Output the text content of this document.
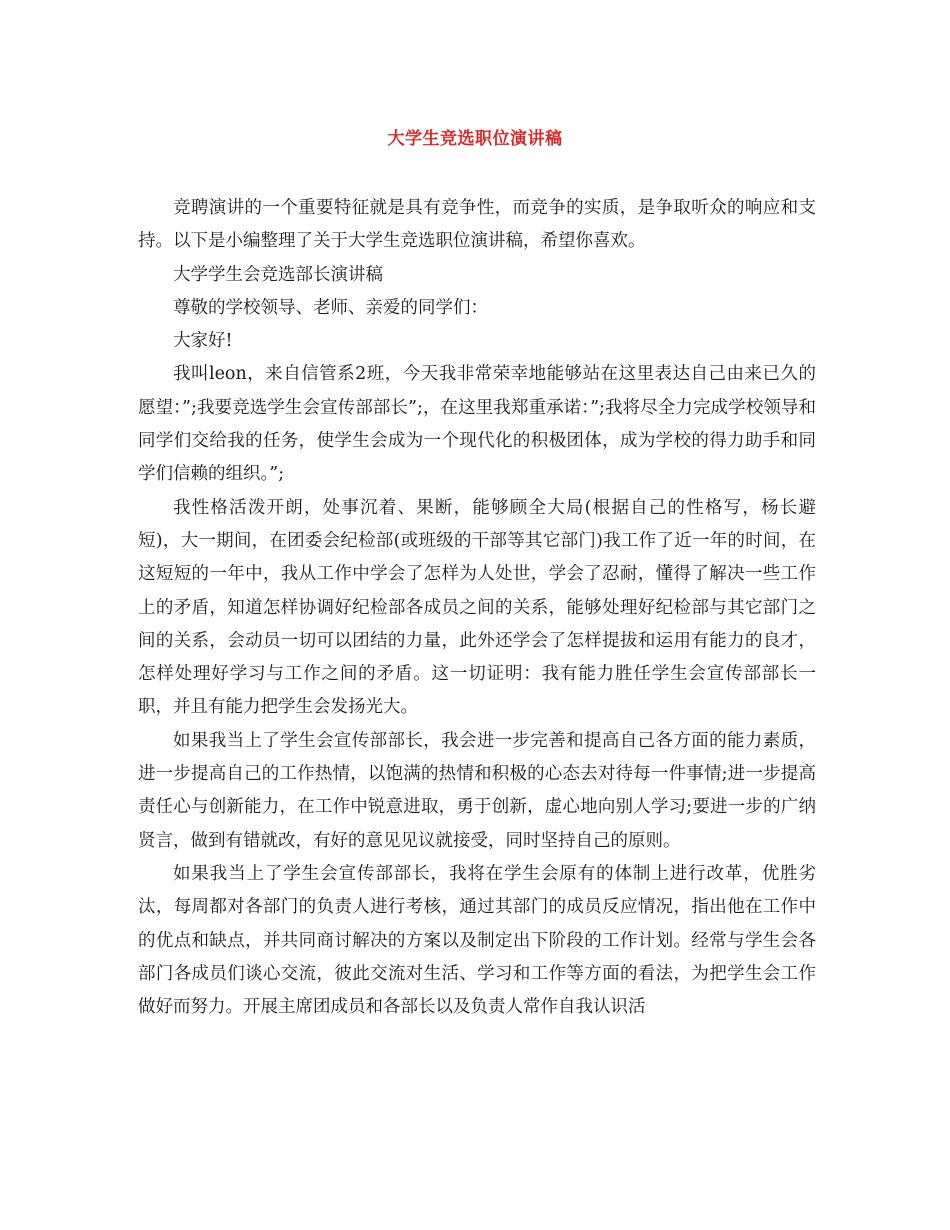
大学生竞选职位演讲稿

竞聘演讲的一个重要特征就是具有竞争性，而竞争的实质，是争取听众的响应和支持。以下是小编整理了关于大学生竞选职位演讲稿，希望你喜欢。

大学学生会竞选部长演讲稿

尊敬的学校领导、老师、亲爱的同学们：

大家好!

我叫leon，来自信管系2班，今天我非常荣幸地能够站在这里表达自己由来已久的愿望：”;我要竞选学生会宣传部部长”;，在这里我郑重承诺：”;我将尽全力完成学校领导和同学们交给我的任务，使学生会成为一个现代化的积极团体，成为学校的得力助手和同学们信赖的组织。”;

我性格活泼开朗，处事沉着、果断，能够顾全大局(根据自己的性格写，杨长避短)，大一期间，在团委会纪检部(或班级的干部等其它部门)我工作了近一年的时间，在这短短的一年中，我从工作中学会了怎样为人处世，学会了忍耐，懂得了解决一些工作上的矛盾，知道怎样协调好纪检部各成员之间的关系，能够处理好纪检部与其它部门之间的关系，会动员一切可以团结的力量，此外还学会了怎样提拔和运用有能力的良才，怎样处理好学习与工作之间的矛盾。这一切证明：我有能力胜任学生会宣传部部长一职，并且有能力把学生会发扬光大。

如果我当上了学生会宣传部部长，我会进一步完善和提高自己各方面的能力素质，进一步提高自己的工作热情，以饱满的热情和积极的心态去对待每一件事情;进一步提高责任心与创新能力，在工作中锐意进取，勇于创新，虚心地向别人学习;要进一步的广纳贤言，做到有错就改，有好的意见见议就接受，同时坚持自己的原则。

如果我当上了学生会宣传部部长，我将在学生会原有的体制上进行改革，优胜劣汰，每周都对各部门的负责人进行考核，通过其部门的成员反应情况，指出他在工作中的优点和缺点，并共同商讨解决的方案以及制定出下阶段的工作计划。经常与学生会各部门各成员们谈心交流，彼此交流对生活、学习和工作等方面的看法，为把学生会工作做好而努力。开展主席团成员和各部长以及负责人常作自我认识活
